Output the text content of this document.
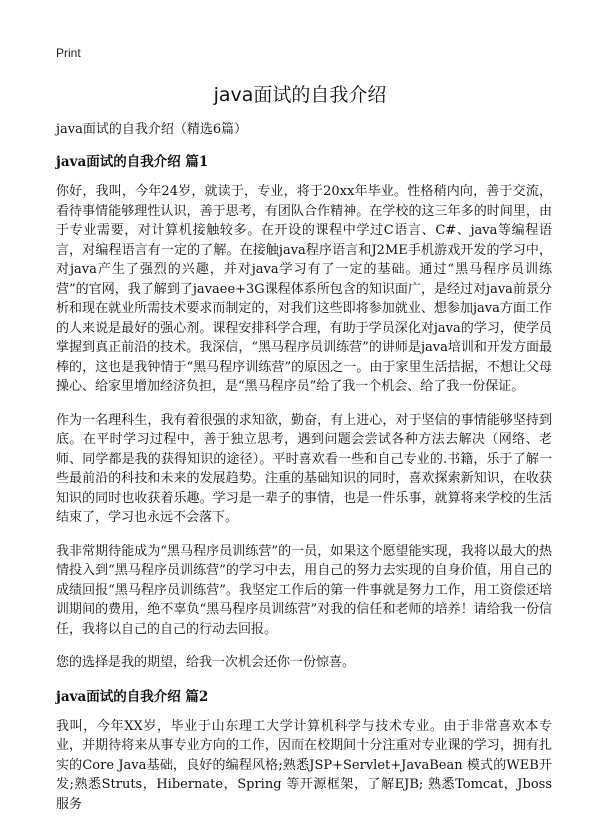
Print
java面试的自我介绍

java面试的自我介绍（精选6篇）

java面试的自我介绍 篇1

你好，我叫，今年24岁，就读于，专业，将于20xx年毕业。性格稍内向，善于交流，看待事情能够理性认识，善于思考，有团队合作精神。在学校的这三年多的时间里，由于专业需要，对计算机接触较多。在开设的课程中学过C语言、C#、java等编程语言，对编程语言有一定的了解。在接触java程序语言和J2ME手机游戏开发的学习中，对java产生了强烈的兴趣，并对java学习有了一定的基础。通过“黑马程序员训练营”的官网，我了解到了javaee+3G课程体系所包含的知识面广，是经过对java前景分析和现在就业所需技术要求而制定的，对我们这些即将参加就业、想参加java方面工作的人来说是最好的强心剂。课程安排科学合理，有助于学员深化对java的学习，使学员掌握到真正前沿的技术。我深信，“黑马程序员训练营”的讲师是java培训和开发方面最棒的，这也是我钟情于“黑马程序训练营”的原因之一。由于家里生活拮据，不想让父母操心、给家里增加经济负担，是“黑马程序员”给了我一个机会、给了我一份保证。

作为一名理科生，我有着很强的求知欲，勤奋，有上进心，对于坚信的事情能够坚持到底。在平时学习过程中，善于独立思考，遇到问题会尝试各种方法去解决（网络、老师、同学都是我的获得知识的途径）。平时喜欢看一些和自己专业的.书籍，乐于了解一些最前沿的科技和未来的发展趋势。注重的基础知识的同时，喜欢探索新知识，在收获知识的同时也收获着乐趣。学习是一辈子的事情，也是一件乐事，就算将来学校的生活结束了，学习也永远不会落下。

我非常期待能成为“黑马程序员训练营”的一员，如果这个愿望能实现，我将以最大的热情投入到“黑马程序员训练营”的学习中去，用自己的努力去实现的自身价值，用自己的成绩回报“黑马程序员训练营”。我坚定工作后的第一件事就是努力工作，用工资偿还培训期间的费用，绝不辜负“黑马程序员训练营”对我的信任和老师的培养！请给我一份信任，我将以自己的自己的行动去回报。

您的选择是我的期望，给我一次机会还你一份惊喜。

java面试的自我介绍 篇2

我叫，今年XX岁，毕业于山东理工大学计算机科学与技术专业。由于非常喜欢本专业，并期待将来从事专业方向的工作，因而在校期间十分注重对专业课的学习，拥有扎实的Core Java基础，良好的编程风格;熟悉JSP+Servlet+JavaBean 模式的WEB开发;熟悉Struts，Hibernate，Spring 等开源框架，了解EJB; 熟悉Tomcat，Jboss服务
